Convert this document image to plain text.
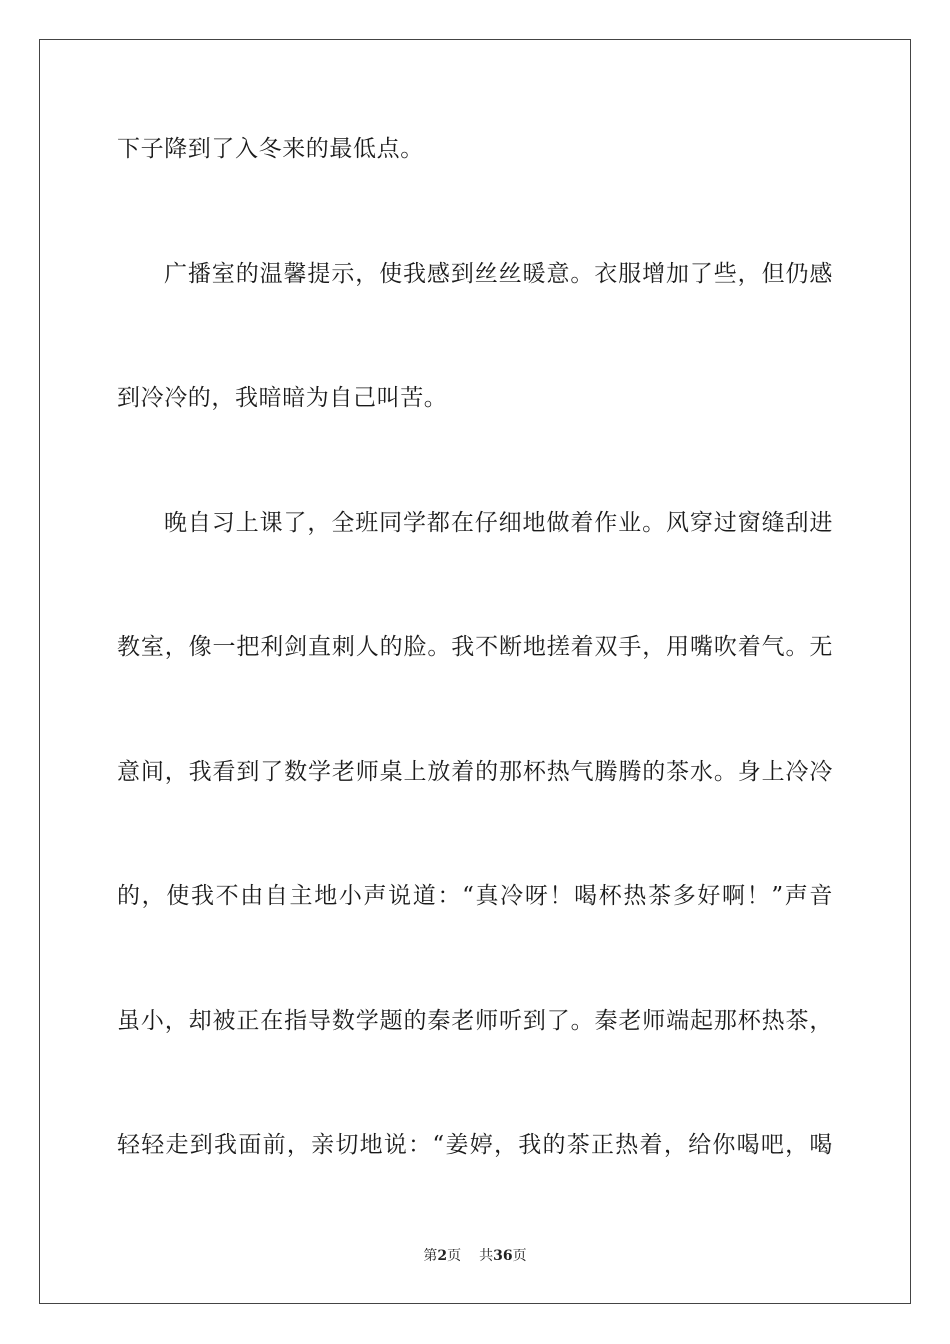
下子降到了入冬来的最低点。
广播室的温馨提示，使我感到丝丝暖意。衣服增加了些，但仍感
到冷冷的，我暗暗为自己叫苦。
晚自习上课了，全班同学都在仔细地做着作业。风穿过窗缝刮进
教室，像一把利剑直刺人的脸。我不断地搓着双手，用嘴吹着气。无
意间，我看到了数学老师桌上放着的那杯热气腾腾的茶水。身上冷冷
的，使我不由自主地小声说道：“真冷呀！喝杯热茶多好啊！”声音
虽小，却被正在指导数学题的秦老师听到了。秦老师端起那杯热茶，
轻轻走到我面前，亲切地说：“姜婷，我的茶正热着，给你喝吧，喝
第2页 共36页
